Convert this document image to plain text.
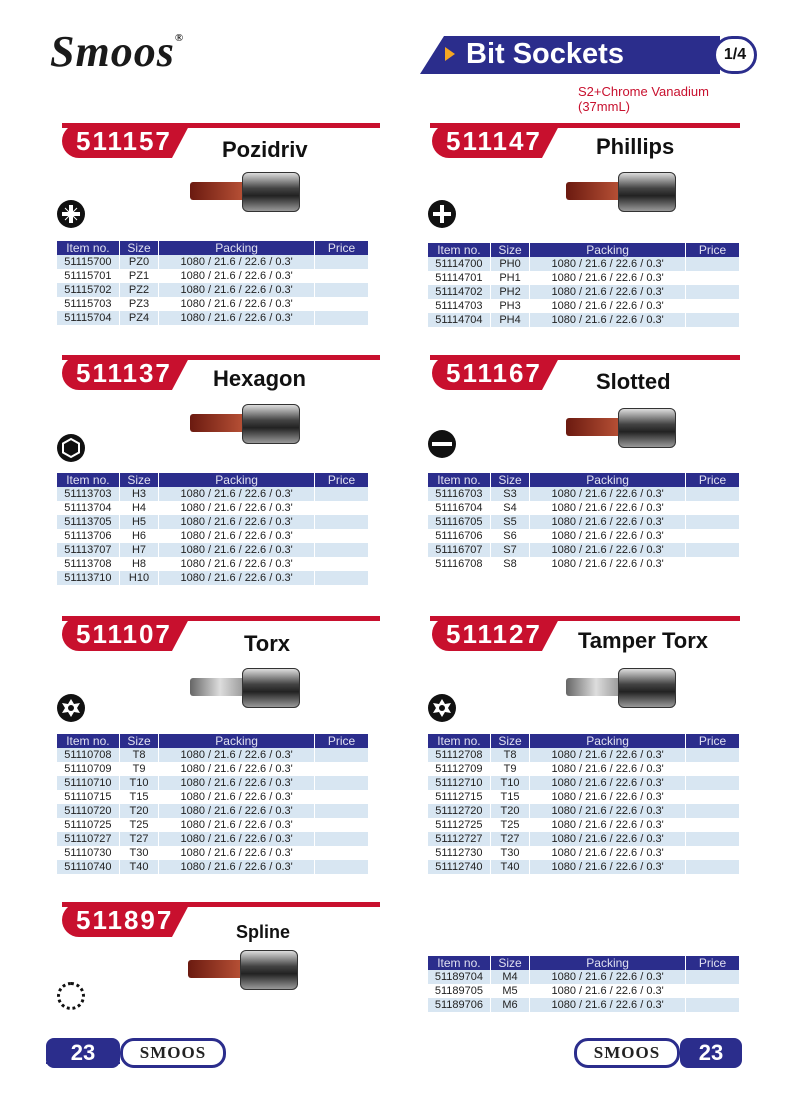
Smoos®	Bit Sockets	1/4
S2+Chrome Vanadium
(37mmL)
511157 Pozidriv
Item no.	Size	Packing	Price
51115700	PZ0	1080 / 21.6 / 22.6 / 0.3'	
51115701	PZ1	1080 / 21.6 / 22.6 / 0.3'	
51115702	PZ2	1080 / 21.6 / 22.6 / 0.3'	
51115703	PZ3	1080 / 21.6 / 22.6 / 0.3'	
51115704	PZ4	1080 / 21.6 / 22.6 / 0.3'	
511147 Phillips
Item no.	Size	Packing	Price
51114700	PH0	1080 / 21.6 / 22.6 / 0.3'	
51114701	PH1	1080 / 21.6 / 22.6 / 0.3'	
51114702	PH2	1080 / 21.6 / 22.6 / 0.3'	
51114703	PH3	1080 / 21.6 / 22.6 / 0.3'	
51114704	PH4	1080 / 21.6 / 22.6 / 0.3'	
511137 Hexagon
Item no.	Size	Packing	Price
51113703	H3	1080 / 21.6 / 22.6 / 0.3'	
51113704	H4	1080 / 21.6 / 22.6 / 0.3'	
51113705	H5	1080 / 21.6 / 22.6 / 0.3'	
51113706	H6	1080 / 21.6 / 22.6 / 0.3'	
51113707	H7	1080 / 21.6 / 22.6 / 0.3'	
51113708	H8	1080 / 21.6 / 22.6 / 0.3'	
51113710	H10	1080 / 21.6 / 22.6 / 0.3'	
511167 Slotted
Item no.	Size	Packing	Price
51116703	S3	1080 / 21.6 / 22.6 / 0.3'	
51116704	S4	1080 / 21.6 / 22.6 / 0.3'	
51116705	S5	1080 / 21.6 / 22.6 / 0.3'	
51116706	S6	1080 / 21.6 / 22.6 / 0.3'	
51116707	S7	1080 / 21.6 / 22.6 / 0.3'	
51116708	S8	1080 / 21.6 / 22.6 / 0.3'	
511107	Torx
Item no.	Size	Packing	Price
51110708	T8	1080 / 21.6 / 22.6 / 0.3'	
51110709	T9	1080 / 21.6 / 22.6 / 0.3'	
51110710	T10	1080 / 21.6 / 22.6 / 0.3'	
51110715	T15	1080 / 21.6 / 22.6 / 0.3'	
51110720	T20	1080 / 21.6 / 22.6 / 0.3'	
51110725	T25	1080 / 21.6 / 22.6 / 0.3'	
51110727	T27	1080 / 21.6 / 22.6 / 0.3'	
51110730	T30	1080 / 21.6 / 22.6 / 0.3'	
51110740	T40	1080 / 21.6 / 22.6 / 0.3'	
511127 Tamper Torx
Item no.	Size	Packing	Price
51112708	T8	1080 / 21.6 / 22.6 / 0.3'	
51112709	T9	1080 / 21.6 / 22.6 / 0.3'	
51112710	T10	1080 / 21.6 / 22.6 / 0.3'	
51112715	T15	1080 / 21.6 / 22.6 / 0.3'	
51112720	T20	1080 / 21.6 / 22.6 / 0.3'	
51112725	T25	1080 / 21.6 / 22.6 / 0.3'	
51112727	T27	1080 / 21.6 / 22.6 / 0.3'	
51112730	T30	1080 / 21.6 / 22.6 / 0.3'	
51112740	T40	1080 / 21.6 / 22.6 / 0.3'	
511897	Spline
Item no.	Size	Packing	Price
51189704	M4	1080 / 21.6 / 22.6 / 0.3'	
51189705	M5	1080 / 21.6 / 22.6 / 0.3'	
51189706	M6	1080 / 21.6 / 22.6 / 0.3'	
23	SMOOS	SMOOS	23
